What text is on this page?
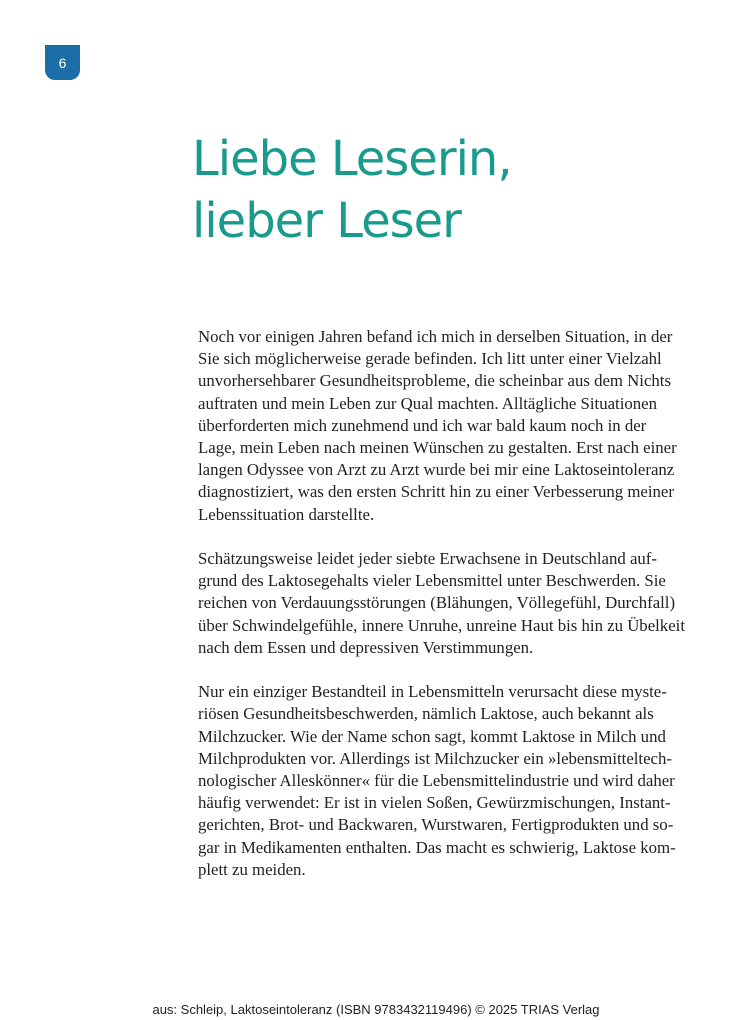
6
Liebe Leserin,
lieber Leser

Noch vor einigen Jahren befand ich mich in derselben Situation, in der
Sie sich möglicherweise gerade befinden. Ich litt unter einer Vielzahl
unvorhersehbarer Gesundheitsprobleme, die scheinbar aus dem Nichts
auftraten und mein Leben zur Qual machten. Alltägliche Situationen
überforderten mich zunehmend und ich war bald kaum noch in der
Lage, mein Leben nach meinen Wünschen zu gestalten. Erst nach einer
langen Odyssee von Arzt zu Arzt wurde bei mir eine Laktoseintoleranz
diagnostiziert, was den ersten Schritt hin zu einer Verbesserung meiner
Lebenssituation darstellte.

Schätzungsweise leidet jeder siebte Erwachsene in Deutschland auf-
grund des Laktosegehalts vieler Lebensmittel unter Beschwerden. Sie
reichen von Verdauungsstörungen (Blähungen, Völlegefühl, Durchfall)
über Schwindelgefühle, innere Unruhe, unreine Haut bis hin zu Übelkeit
nach dem Essen und depressiven Verstimmungen.

Nur ein einziger Bestandteil in Lebensmitteln verursacht diese myste-
riösen Gesundheitsbeschwerden, nämlich Laktose, auch bekannt als
Milchzucker. Wie der Name schon sagt, kommt Laktose in Milch und
Milchprodukten vor. Allerdings ist Milchzucker ein »lebensmitteltech-
nologischer Alleskönner« für die Lebensmittelindustrie und wird daher
häufig verwendet: Er ist in vielen Soßen, Gewürzmischungen, Instant-
gerichten, Brot- und Backwaren, Wurstwaren, Fertigprodukten und so-
gar in Medikamenten enthalten. Das macht es schwierig, Laktose kom-
plett zu meiden.

aus: Schleip, Laktoseintoleranz (ISBN 9783432119496) © 2025 TRIAS Verlag
